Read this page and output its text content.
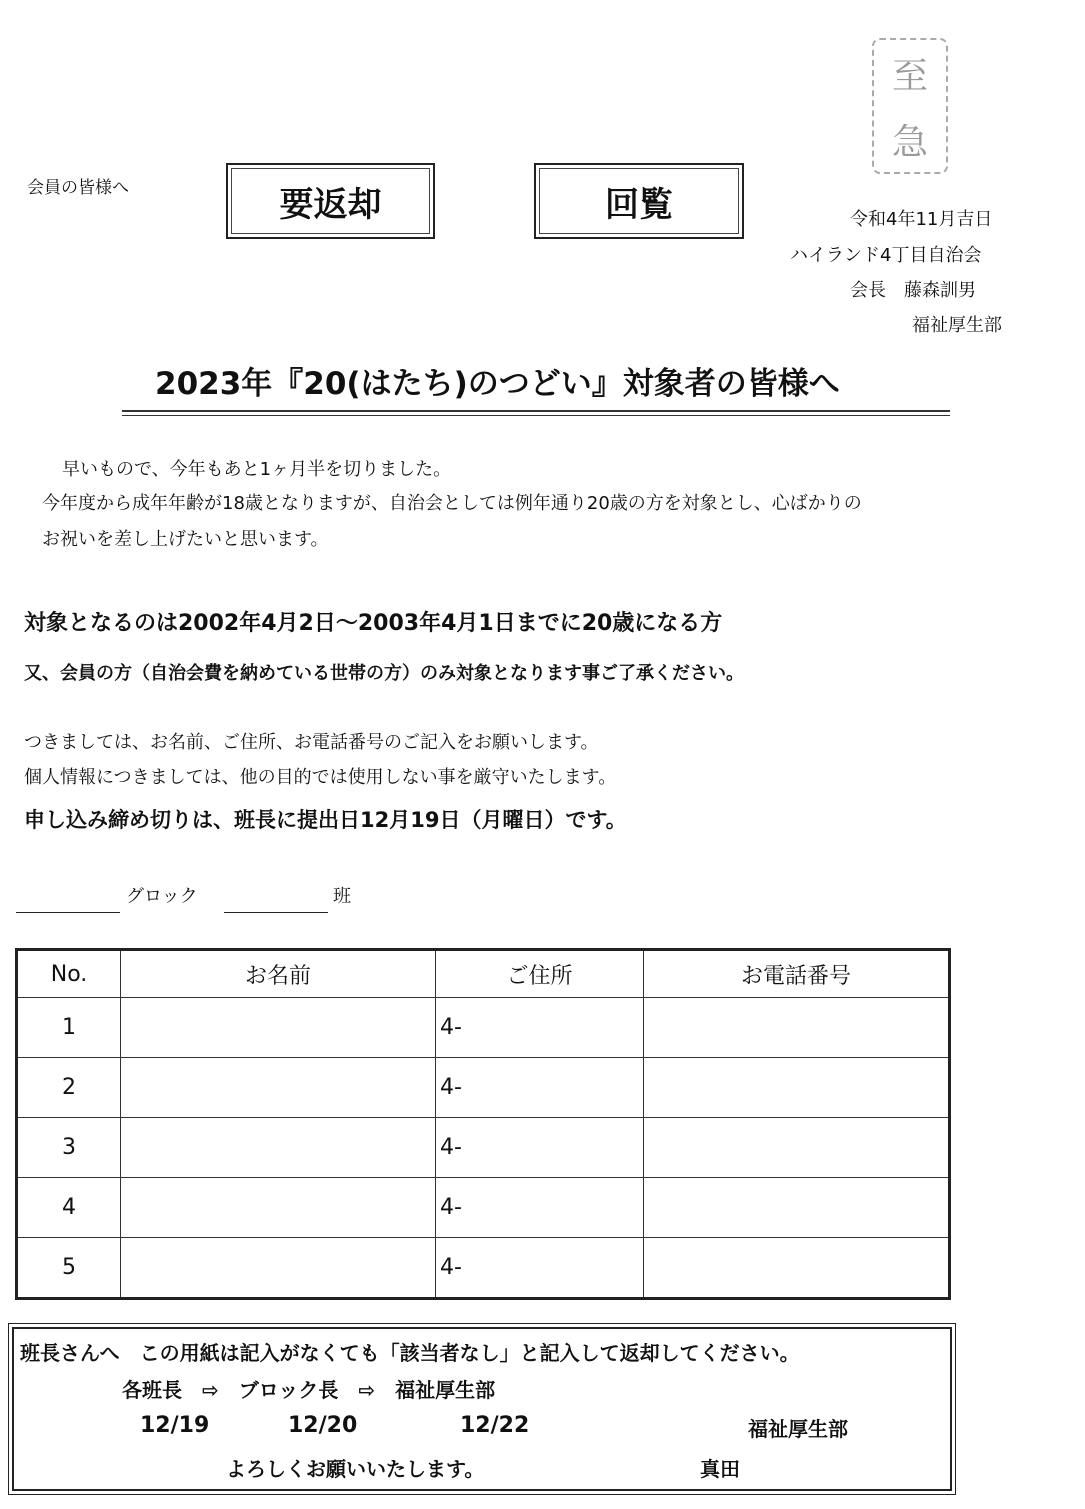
会員の皆様へ	要返却	回覧
至
急
令和4年11月吉日
ハイランド4丁目自治会
会長　藤森訓男
福祉厚生部
2023年『20(はたち)のつどい』対象者の皆様へ
早いもので、今年もあと1ヶ月半を切りました。
今年度から成年年齢が18歳となりますが、自治会としては例年通り20歳の方を対象とし、心ばかりの
お祝いを差し上げたいと思います。
対象となるのは2002年4月2日～2003年4月1日までに20歳になる方
又、会員の方（自治会費を納めている世帯の方）のみ対象となります事ご了承ください。
つきましては、お名前、ご住所、お電話番号のご記入をお願いします。
個人情報につきましては、他の目的では使用しない事を厳守いたします。
申し込み締め切りは、班長に提出日12月19日（月曜日）です。
グロック	班
No.	お名前	ご住所	お電話番号
1		4-	
2		4-	
3		4-	
4		4-	
5		4-	
班長さんへ　この用紙は記入がなくても「該当者なし」と記入して返却してください。
各班長　⇨　ブロック長　⇨　福祉厚生部
12/19	12/20	12/22	福祉厚生部
よろしくお願いいたします。	真田
